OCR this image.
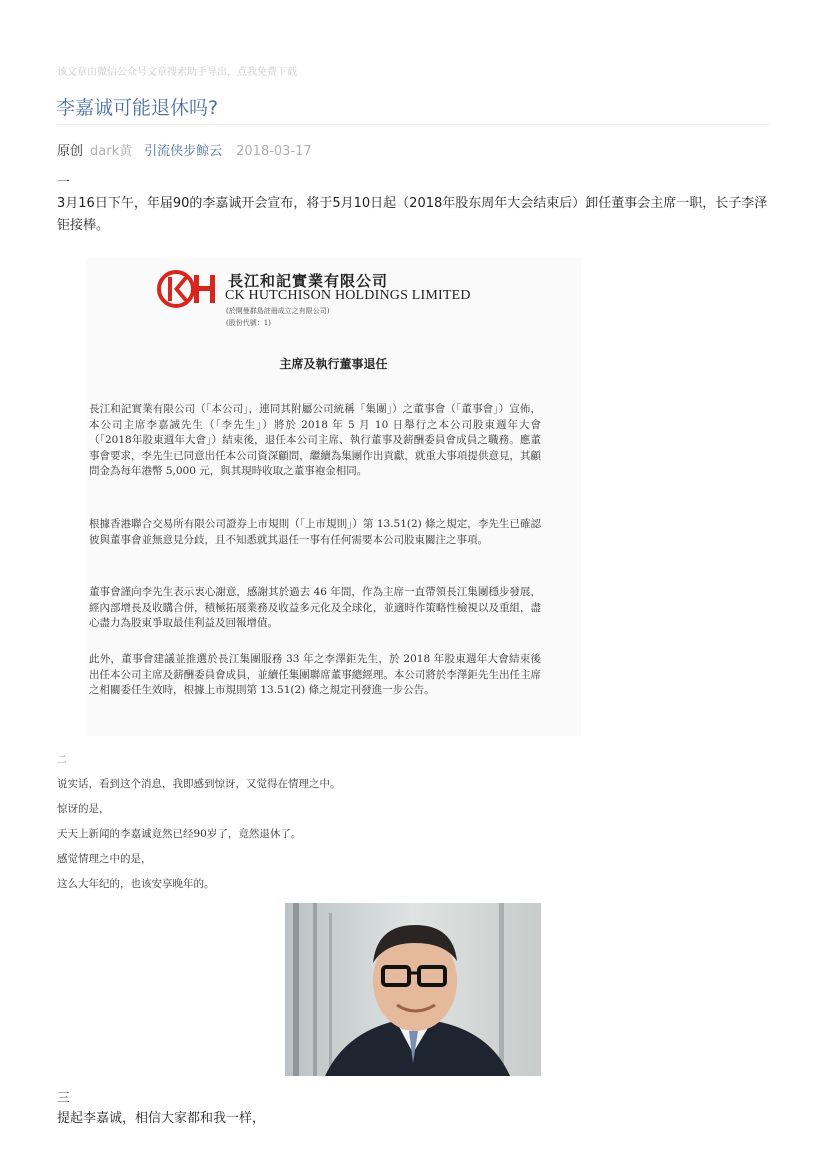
该文章由微信公众号文章搜索助手导出，点我免费下载
李嘉诚可能退休吗?
原创 dark黄 引流侠步鲸云 2018-03-17
一
3月16日下午，年届90的李嘉诚开会宣布，将于5月10日起（2018年股东周年大会结束后）卸任董事会主席一职，长子李泽钜接棒。
長江和記實業有限公司
CK HUTCHISON HOLDINGS LIMITED
(於開曼群島註冊成立之有限公司)
(股份代號：1)
主席及執行董事退任
長江和記實業有限公司（「本公司」，連同其附屬公司統稱「集團」）之董事會（「董事會」）宣佈，本公司主席李嘉誠先生（「李先生」）將於 2018 年 5 月 10 日舉行之本公司股東週年大會（「2018年股東週年大會」）結束後，退任本公司主席、執行董事及薪酬委員會成員之職務。應董事會要求，李先生已同意出任本公司資深顧問，繼續為集團作出貢獻，就重大事項提供意見，其顧問金為每年港幣 5,000 元，與其現時收取之董事袍金相同。
根據香港聯合交易所有限公司證券上市規則（「上市規則」）第 13.51(2) 條之規定，李先生已確認彼與董事會並無意見分歧，且不知悉就其退任一事有任何需要本公司股東關注之事項。
董事會謹向李先生表示衷心謝意，感謝其於過去 46 年間，作為主席一直帶領長江集團穩步發展，經內部增長及收購合併，積極拓展業務及收益多元化及全球化，並適時作策略性檢視以及重組，盡心盡力為股東爭取最佳利益及回報增值。
此外，董事會建議並推選於長江集團服務 33 年之李澤鉅先生，於 2018 年股東週年大會結束後出任本公司主席及薪酬委員會成員，並續任集團聯席董事總經理。本公司將於李澤鉅先生出任主席之相關委任生效時，根據上市規則第 13.51(2) 條之規定刊發進一步公告。
二
说实话，看到这个消息，我即感到惊讶，又觉得在情理之中。
惊讶的是，
天天上新闻的李嘉诚竟然已经90岁了，竟然退休了。
感觉情理之中的是，
这么大年纪的，也该安享晚年的。
三
提起李嘉诚，相信大家都和我一样，
